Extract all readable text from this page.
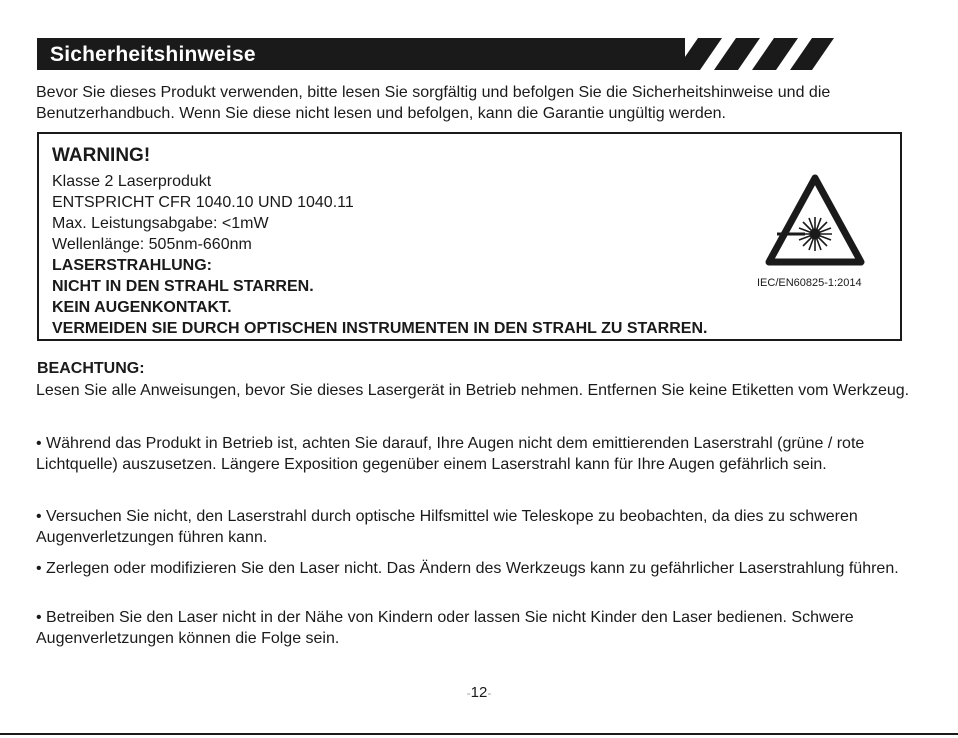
Sicherheitshinweise
Bevor Sie dieses Produkt verwenden, bitte lesen Sie sorgfältig und befolgen Sie die Sicherheitshinweise und die Benutzerhandbuch. Wenn Sie diese nicht lesen und befolgen, kann die Garantie ungültig werden.
WARNING!
Klasse 2 Laserprodukt
ENTSPRICHT CFR 1040.10 UND 1040.11
Max. Leistungsabgabe: <1mW
Wellenlänge: 505nm-660nm
LASERSTRAHLUNG:
NICHT IN DEN STRAHL STARREN.
KEIN AUGENKONTAKT.
VERMEIDEN SIE DURCH OPTISCHEN INSTRUMENTEN IN DEN STRAHL ZU STARREN.
IEC/EN60825-1:2014
BEACHTUNG:
Lesen Sie alle Anweisungen, bevor Sie dieses Lasergerät in Betrieb nehmen. Entfernen Sie keine Etiketten vom Werkzeug.
• Während das Produkt in Betrieb ist, achten Sie darauf, Ihre Augen nicht dem emittierenden Laserstrahl (grüne / rote Lichtquelle) auszusetzen. Längere Exposition gegenüber einem Laserstrahl kann für Ihre Augen gefährlich sein.
• Versuchen Sie nicht, den Laserstrahl durch optische Hilfsmittel wie Teleskope zu beobachten, da dies zu schweren Augenverletzungen führen kann.
• Zerlegen oder modifizieren Sie den Laser nicht. Das Ändern des Werkzeugs kann zu gefährlicher Laserstrahlung führen.
• Betreiben Sie den Laser nicht in der Nähe von Kindern oder lassen Sie nicht Kinder den Laser bedienen. Schwere Augenverletzungen können die Folge sein.
-12-
